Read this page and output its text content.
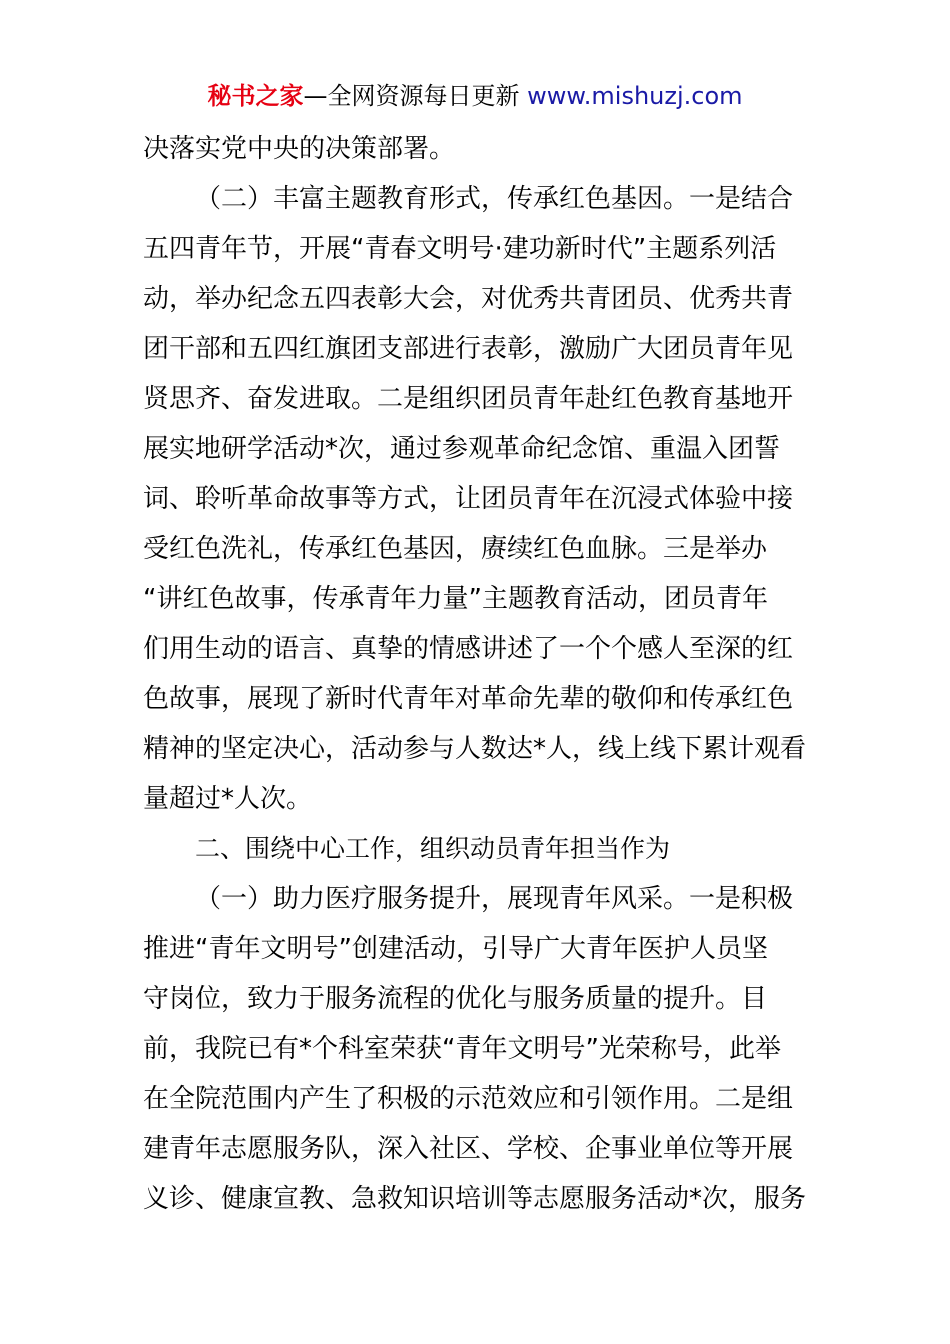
秘书之家—全网资源每日更新 www.mishuzj.com
决落实党中央的决策部署。
（二）丰富主题教育形式，传承红色基因。一是结合
五四青年节，开展“青春文明号·建功新时代”主题系列活
动，举办纪念五四表彰大会，对优秀共青团员、优秀共青
团干部和五四红旗团支部进行表彰，激励广大团员青年见
贤思齐、奋发进取。二是组织团员青年赴红色教育基地开
展实地研学活动*次，通过参观革命纪念馆、重温入团誓
词、聆听革命故事等方式，让团员青年在沉浸式体验中接
受红色洗礼，传承红色基因，赓续红色血脉。三是举办
“讲红色故事，传承青年力量”主题教育活动，团员青年
们用生动的语言、真挚的情感讲述了一个个感人至深的红
色故事，展现了新时代青年对革命先辈的敬仰和传承红色
精神的坚定决心，活动参与人数达*人，线上线下累计观看
量超过*人次。
二、围绕中心工作，组织动员青年担当作为
（一）助力医疗服务提升，展现青年风采。一是积极
推进“青年文明号”创建活动，引导广大青年医护人员坚
守岗位，致力于服务流程的优化与服务质量的提升。目
前，我院已有*个科室荣获“青年文明号”光荣称号，此举
在全院范围内产生了积极的示范效应和引领作用。二是组
建青年志愿服务队，深入社区、学校、企事业单位等开展
义诊、健康宣教、急救知识培训等志愿服务活动*次，服务
